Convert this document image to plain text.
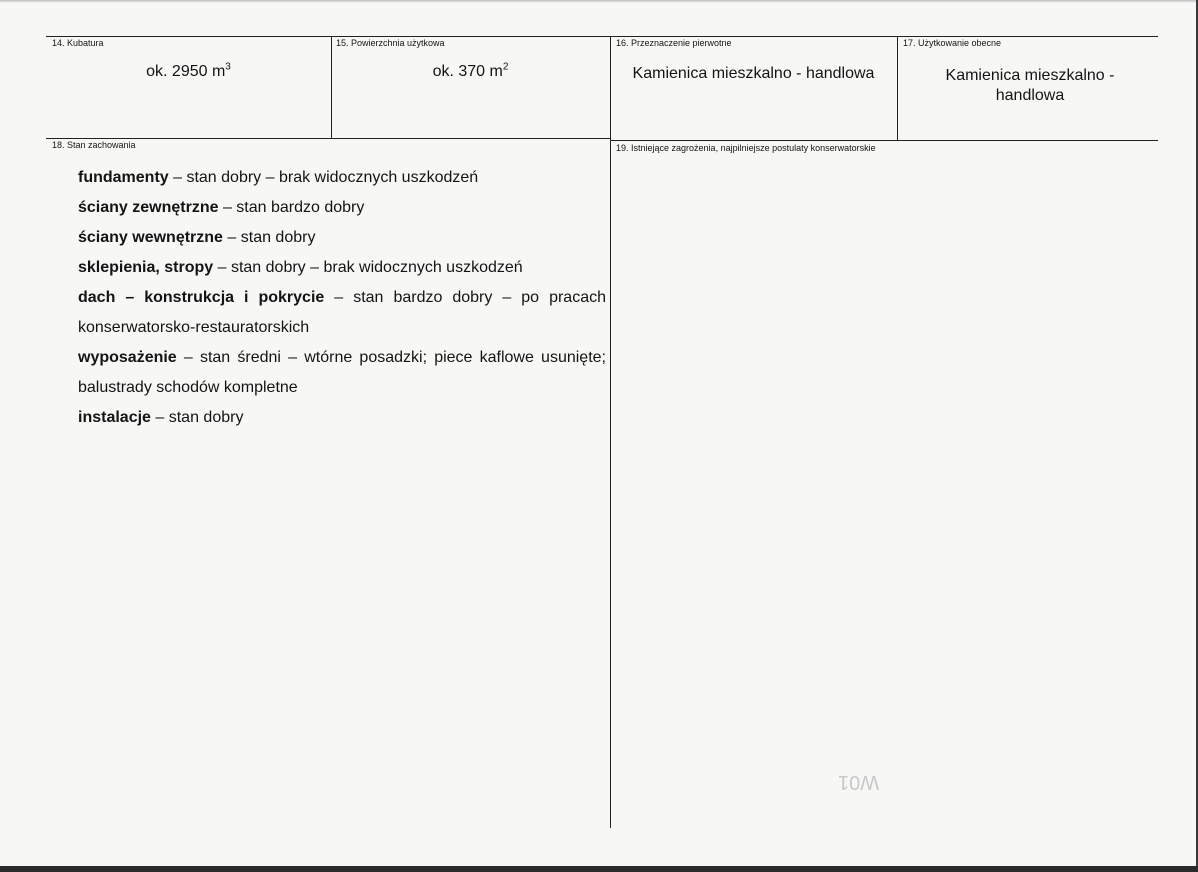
14. Kubatura
ok. 2950 $m^3$
15. Powierzchnia użytkowa
ok. 370 $m^2$
16. Przeznaczenie pierwotne
Kamienica mieszkalno - handlowa
17. Użytkowanie obecne
Kamienica mieszkalno - handlowa
18. Stan zachowania
fundamenty – stan dobry – brak widocznych uszkodzeń
ściany zewnętrzne – stan bardzo dobry
ściany wewnętrzne – stan dobry
sklepienia, stropy – stan dobry – brak widocznych uszkodzeń
dach – konstrukcja i pokrycie – stan bardzo dobry – po pracach konserwatorsko-restauratorskich
wyposażenie – stan średni – wtórne posadzki; piece kaflowe usunięte; balustrady schodów kompletne
instalacje – stan dobry
19. Istniejące zagrożenia, najpilniejsze postulaty konserwatorskie
W01
